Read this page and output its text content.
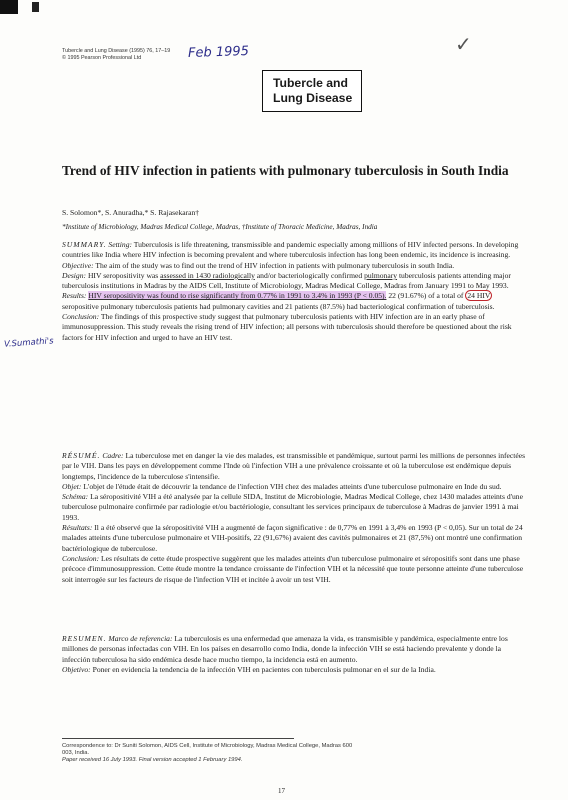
✓
Tubercle and Lung Disease (1995) 76, 17–19
© 1995 Pearson Professional Ltd	Feb 1995
Tubercle and
Lung Disease
Trend of HIV infection in patients with pulmonary tuberculosis in South India
S. Solomon*, S. Anuradha,* S. Rajasekaran†
*Institute of Microbiology, Madras Medical College, Madras, †Institute of Thoracic Medicine, Madras, India
V.Sumathi's

SUMMARY. Setting: Tuberculosis is life threatening, transmissible and pandemic especially among millions of HIV infected persons. In developing countries like India where HIV infection is becoming prevalent and where tuberculosis infection has long been endemic, its incidence is increasing.

Objective: The aim of the study was to find out the trend of HIV infection in patients with pulmonary tuberculosis in south India.

Design: HIV seropositivity was assessed in 1430 radiologically and/or bacteriologically confirmed pulmonary tuberculosis patients attending major tuberculosis institutions in Madras by the AIDS Cell, Institute of Microbiology, Madras Medical College, Madras from January 1991 to May 1993.

Results: HIV seropositivity was found to rise significantly from 0.77% in 1991 to 3.4% in 1993 (P < 0.05). 22 (91.67%) of a total of 24 HIV seropositive pulmonary tuberculosis patients had pulmonary cavities and 21 patients (87.5%) had bacteriological confirmation of tuberculosis.

Conclusion: The findings of this prospective study suggest that pulmonary tuberculosis patients with HIV infection are in an early phase of immunosuppression. This study reveals the rising trend of HIV infection; all persons with tuberculosis should therefore be questioned about the risk factors for HIV infection and urged to have an HIV test.

RÉSUMÉ. Cadre: La tuberculose met en danger la vie des malades, est transmissible et pandémique, surtout parmi les millions de personnes infectées par le VIH. Dans les pays en développement comme l'Inde où l'infection VIH a une prévalence croissante et où la tuberculose est endémique depuis longtemps, l'incidence de la tuberculose s'intensifie.

Objet: L'objet de l'étude était de découvrir la tendance de l'infection VIH chez des malades atteints d'une tuberculose pulmonaire en Inde du sud.

Schéma: La séropositivité VIH a été analysée par la cellule SIDA, Institut de Microbiologie, Madras Medical College, chez 1430 malades atteints d'une tuberculose pulmonaire confirmée par radiologie et/ou bactériologie, consultant les services principaux de tuberculose à Madras de janvier 1991 à mai 1993.

Résultats: Il a été observé que la séropositivité VIH a augmenté de façon significative : de 0,77% en 1991 à 3,4% en 1993 (P < 0,05). Sur un total de 24 malades atteints d'une tuberculose pulmonaire et VIH-positifs, 22 (91,67%) avaient des cavités pulmonaires et 21 (87,5%) ont montré une confirmation bactériologique de tuberculose.

Conclusion: Les résultats de cette étude prospective suggèrent que les malades atteints d'un tuberculose pulmonaire et séropositifs sont dans une phase précoce d'immunosuppression. Cette étude montre la tendance croissante de l'infection VIH et la nécessité que toute personne atteinte d'une tuberculose soit interrogée sur les facteurs de risque de l'infection VIH et incitée à avoir un test VIH.

RESUMEN. Marco de referencia: La tuberculosis es una enfermedad que amenaza la vida, es transmisible y pandémica, especialmente entre los millones de personas infectadas con VIH. En los países en desarrollo como India, donde la infección VIH se está haciendo prevalente y donde la infección tuberculosa ha sido endémica desde hace mucho tiempo, la incidencia está en aumento.

Objetivo: Poner en evidencia la tendencia de la infección VIH en pacientes con tuberculosis pulmonar en el sur de la India.

Correspondence to: Dr Suniti Solomon, AIDS Cell, Institute of Microbiology, Madras Medical College, Madras 600 003, India.
Paper received 16 July 1993. Final version accepted 1 February 1994.
17
